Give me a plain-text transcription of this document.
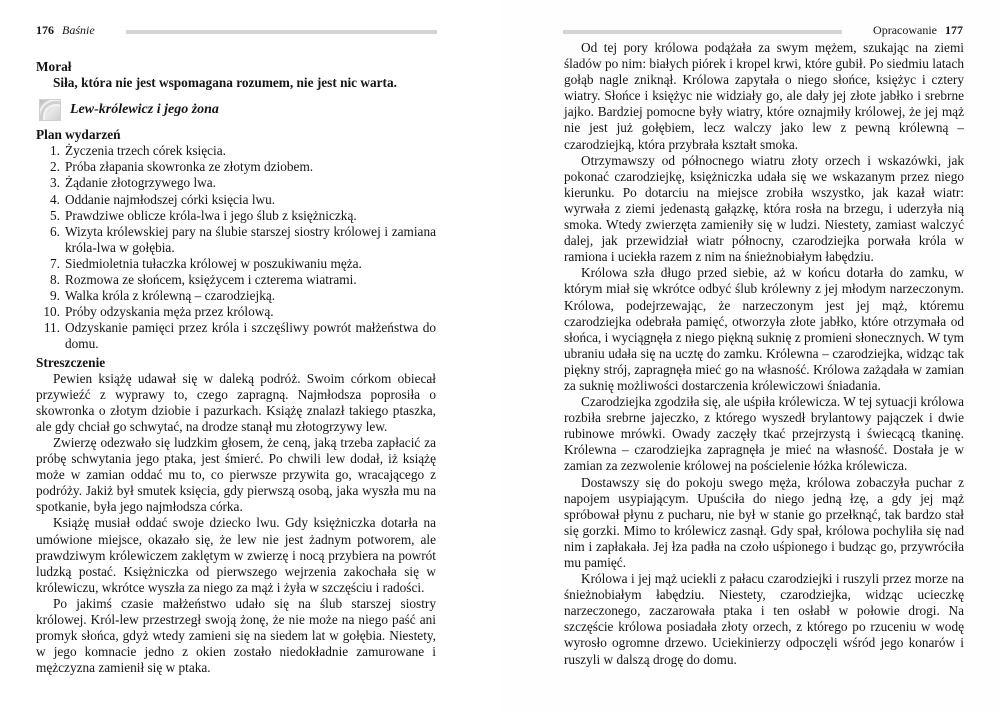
176 Baśnie
Morał
Siła, która nie jest wspomagana rozumem, nie jest nic warta.
Lew-królewicz i jego żona
Plan wydarzeń
1. Życzenia trzech córek księcia.
2. Próba złapania skowronka ze złotym dziobem.
3. Żądanie złotogrzywego lwa.
4. Oddanie najmłodszej córki księcia lwu.
5. Prawdziwe oblicze króla-lwa i jego ślub z księżniczką.
6. Wizyta królewskiej pary na ślubie starszej siostry królowej i zamiana króla-lwa w gołębia.
7. Siedmioletnia tułaczka królowej w poszukiwaniu męża.
8. Rozmowa ze słońcem, księżycem i czterema wiatrami.
9. Walka króla z królewną – czarodziejką.
10. Próby odzyskania męża przez królową.
11. Odzyskanie pamięci przez króla i szczęśliwy powrót małżeństwa do domu.
Streszczenie

Pewien książę udawał się w daleką podróż. Swoim córkom obiecał przywieźć z wyprawy to, czego zapragną. Najmłodsza poprosiła o skowronka o złotym dziobie i pazurkach. Książę znalazł takiego ptaszka, ale gdy chciał go schwytać, na drodze stanął mu złotogrzywy lew.

Zwierzę odezwało się ludzkim głosem, że ceną, jaką trzeba zapłacić za próbę schwytania jego ptaka, jest śmierć. Po chwili lew dodał, iż książę może w zamian oddać mu to, co pierwsze przywita go, wracającego z podróży. Jakiż był smutek księcia, gdy pierwszą osobą, jaka wyszła mu na spotkanie, była jego najmłodsza córka.

Książę musiał oddać swoje dziecko lwu. Gdy księżniczka dotarła na umówione miejsce, okazało się, że lew nie jest żadnym potworem, ale prawdziwym królewiczem zaklętym w zwierzę i nocą przybiera na powrót ludzką postać. Księżniczka od pierwszego wejrzenia zakochała się w królewiczu, wkrótce wyszła za niego za mąż i żyła w szczęściu i radości.

Po jakimś czasie małżeństwo udało się na ślub starszej siostry królowej. Król-lew przestrzegł swoją żonę, że nie może na niego paść ani promyk słońca, gdyż wtedy zamieni się na siedem lat w gołębia. Niestety, w jego komnacie jedno z okien zostało niedokładnie zamurowane i mężczyzna zamienił się w ptaka.

Opracowanie 177

Od tej pory królowa podążała za swym mężem, szukając na ziemi śladów po nim: białych piórek i kropel krwi, które gubił. Po siedmiu latach gołąb nagle zniknął. Królowa zapytała o niego słońce, księżyc i cztery wiatry. Słońce i księżyc nie widziały go, ale dały jej złote jabłko i srebrne jajko. Bardziej pomocne były wiatry, które oznajmiły królowej, że jej mąż nie jest już gołębiem, lecz walczy jako lew z pewną królewną – czarodziejką, która przybrała kształt smoka.

Otrzymawszy od północnego wiatru złoty orzech i wskazówki, jak pokonać czarodziejkę, księżniczka udała się we wskazanym przez niego kierunku. Po dotarciu na miejsce zrobiła wszystko, jak kazał wiatr: wyrwała z ziemi jedenastą gałązkę, która rosła na brzegu, i uderzyła nią smoka. Wtedy zwierzęta zamieniły się w ludzi. Niestety, zamiast walczyć dalej, jak przewidział wiatr północny, czarodziejka porwała króla w ramiona i uciekła razem z nim na śnieżnobiałym łabędziu.

Królowa szła długo przed siebie, aż w końcu dotarła do zamku, w którym miał się wkrótce odbyć ślub królewny z jej młodym narzeczonym. Królowa, podejrzewając, że narzeczonym jest jej mąż, któremu czarodziejka odebrała pamięć, otworzyła złote jabłko, które otrzymała od słońca, i wyciągnęła z niego piękną suknię z promieni słonecznych. W tym ubraniu udała się na ucztę do zamku. Królewna – czarodziejka, widząc tak piękny strój, zapragnęła mieć go na własność. Królowa zażądała w zamian za suknię możliwości dostarczenia królewiczowi śniadania.

Czarodziejka zgodziła się, ale uśpiła królewicza. W tej sytuacji królowa rozbiła srebrne jajeczko, z którego wyszedł brylantowy pajączek i dwie rubinowe mrówki. Owady zaczęły tkać przejrzystą i świecącą tkaninę. Królewna – czarodziejka zapragnęła je mieć na własność. Dostała je w zamian za zezwolenie królowej na pościelenie łóżka królewicza.

Dostawszy się do pokoju swego męża, królowa zobaczyła puchar z napojem usypiającym. Upuściła do niego jedną łzę, a gdy jej mąż spróbował płynu z pucharu, nie był w stanie go przełknąć, tak bardzo stał się gorzki. Mimo to królewicz zasnął. Gdy spał, królowa pochyliła się nad nim i zapłakała. Jej łza padła na czoło uśpionego i budząc go, przywróciła mu pamięć.

Królowa i jej mąż uciekli z pałacu czarodziejki i ruszyli przez morze na śnieżnobiałym łabędziu. Niestety, czarodziejka, widząc ucieczkę narzeczonego, zaczarowała ptaka i ten osłabł w połowie drogi. Na szczęście królowa posiadała złoty orzech, z którego po rzuceniu w wodę wyrosło ogromne drzewo. Uciekinierzy odpoczęli wśród jego konarów i ruszyli w dalszą drogę do domu.
